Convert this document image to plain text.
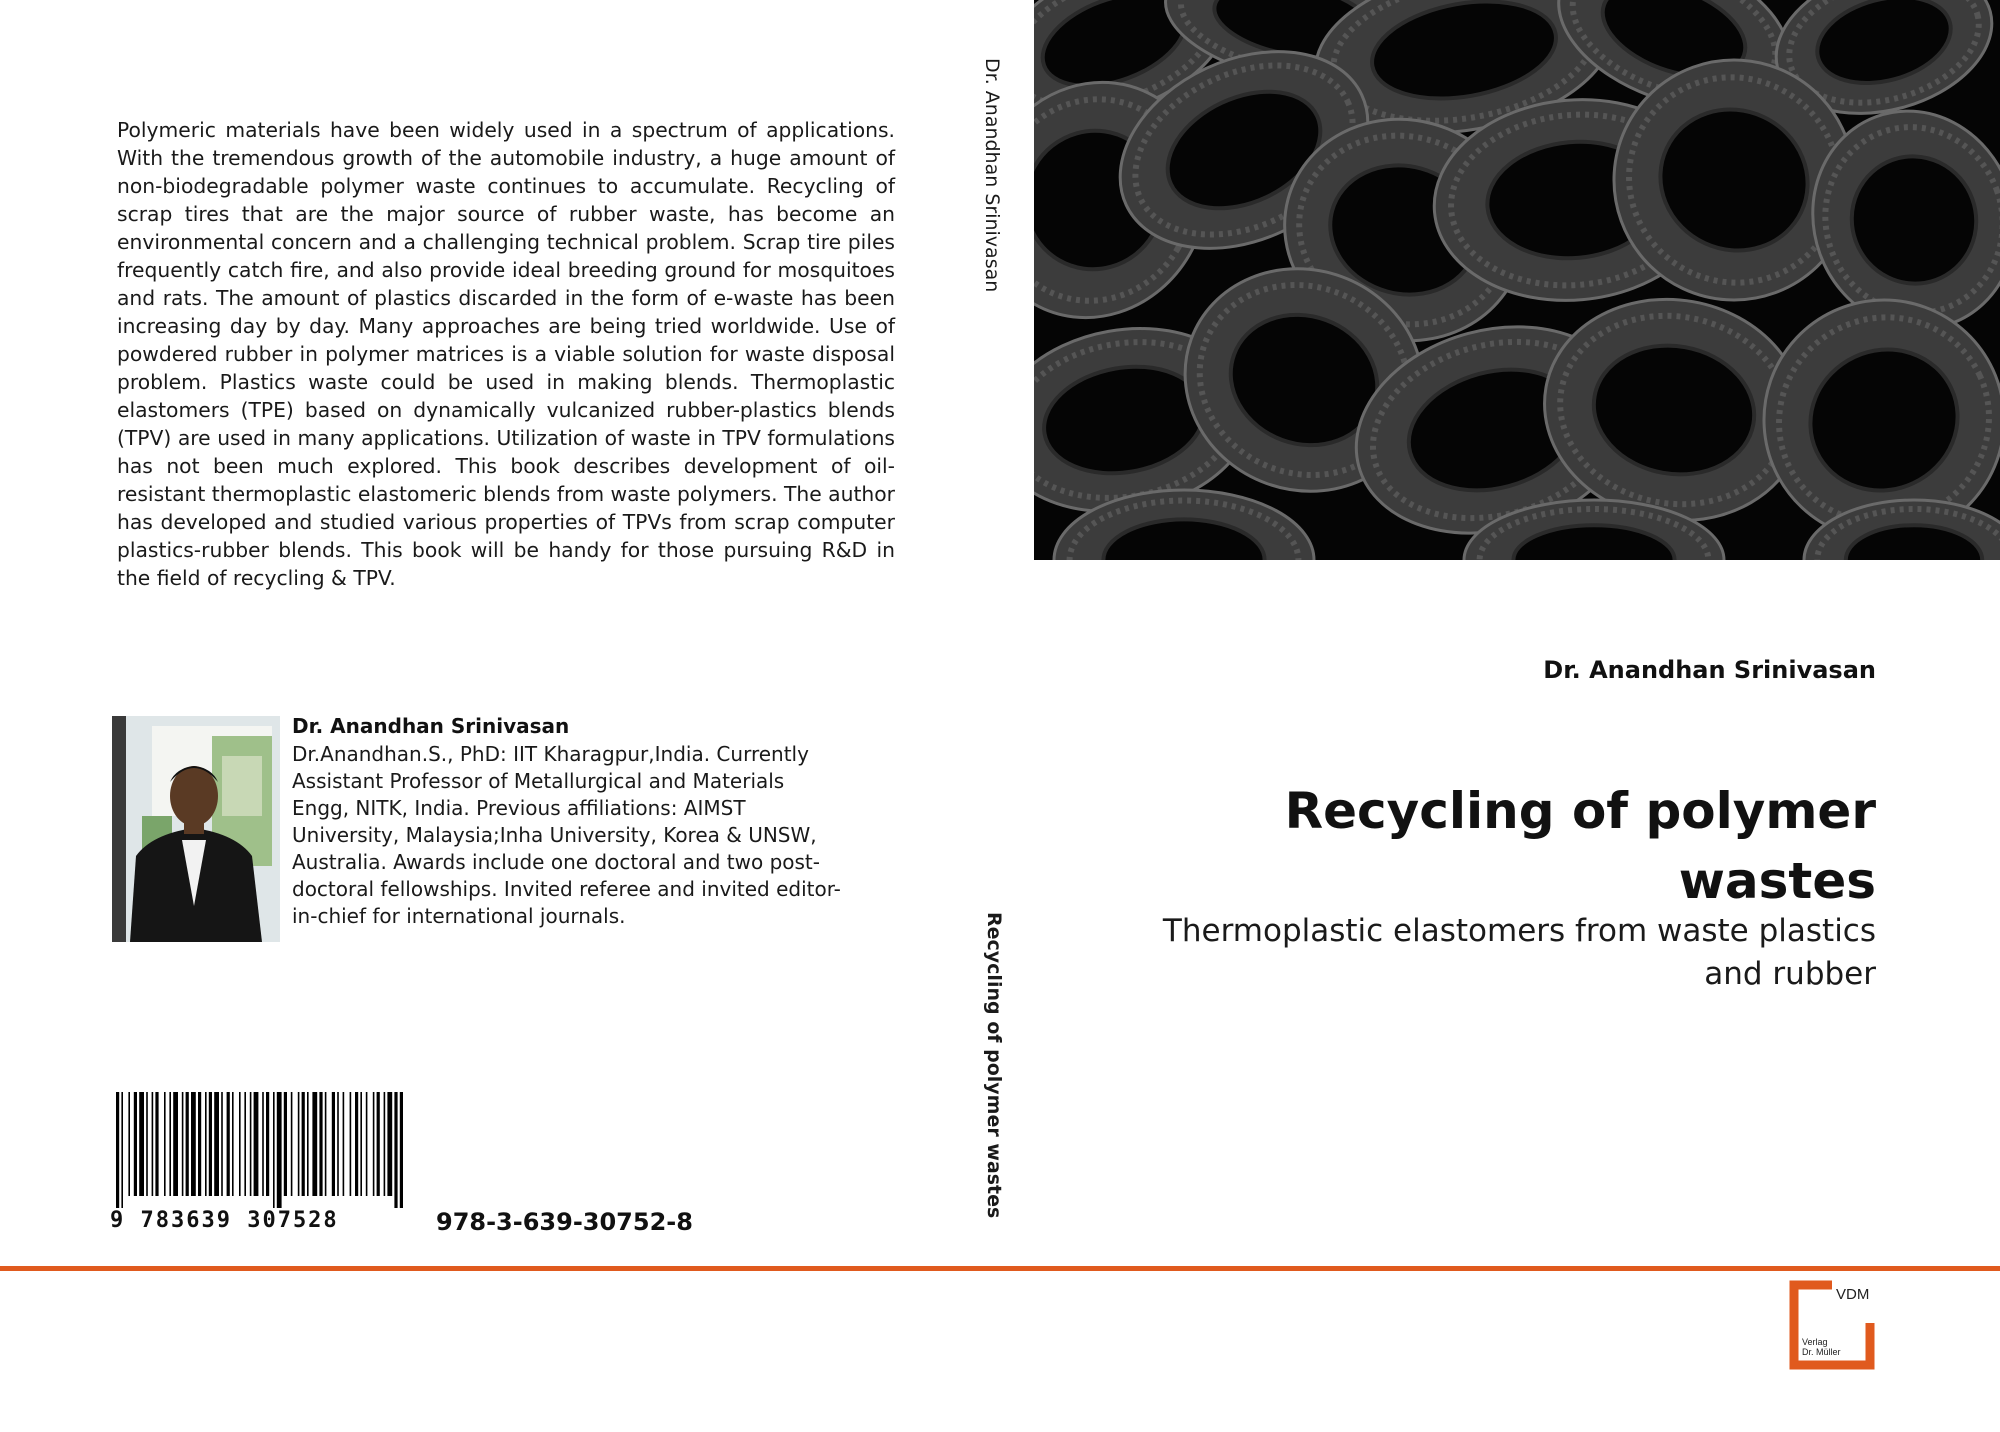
Polymeric materials have been widely used in a spectrum of applications. With the tremendous growth of the automobile industry, a huge amount of non-biodegradable polymer waste continues to accumulate. Recycling of scrap tires that are the major source of rubber waste, has become an environmental concern and a challenging technical problem. Scrap tire piles frequently catch fire, and also provide ideal breeding ground for mosquitoes and rats. The amount of plastics discarded in the form of e-waste has been increasing day by day. Many approaches are being tried worldwide. Use of powdered rubber in polymer matrices is a viable solution for waste disposal problem. Plastics waste could be used in making blends. Thermoplastic elastomers (TPE) based on dynamically vulcanized rubber-plastics blends (TPV) are used in many applications. Utilization of waste in TPV formulations has not been much explored. This book describes development of oil-resistant thermoplastic elastomeric blends from waste polymers. The author has developed and studied various properties of TPVs from scrap computer plastics-rubber blends. This book will be handy for those pursuing R&D in the field of recycling & TPV.
Dr. Anandhan Srinivasan
Dr.Anandhan.S., PhD: IIT Kharagpur,India. Currently Assistant Professor of Metallurgical and Materials Engg, NITK, India. Previous affiliations: AIMST University, Malaysia;Inha University, Korea & UNSW, Australia. Awards include one doctoral and two post-doctoral fellowships. Invited referee and invited editor-in-chief for international journals.
9 783639 307528	978-3-639-30752-8
Dr. Anandhan Srinivasan
Recycling of polymer wastes
Dr. Anandhan Srinivasan
Recycling of polymer wastes
Thermoplastic elastomers from waste plastics and rubber
VDM
Verlag
Dr. Müller
